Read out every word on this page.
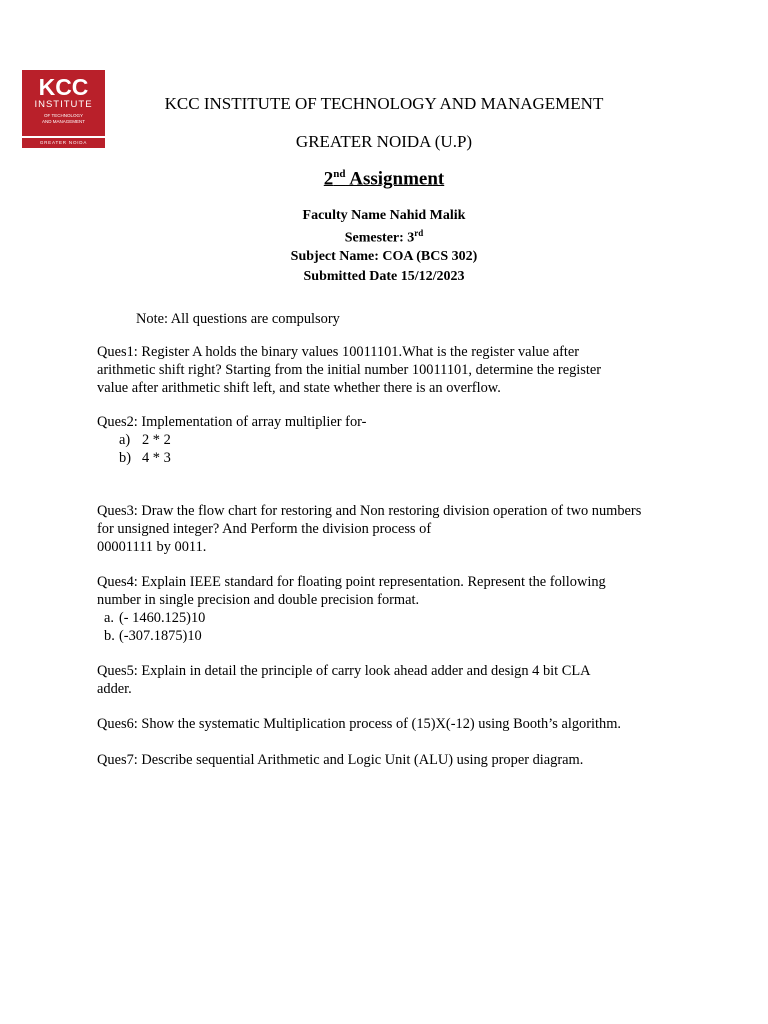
KCC
INSTITUTE
OF TECHNOLOGY
AND MANAGEMENT
GREATER NOIDA
KCC INSTITUTE OF TECHNOLOGY AND MANAGEMENT
GREATER NOIDA (U.P)
2nd Assignment
Faculty Name Nahid Malik
Semester: 3rd
Subject Name: COA (BCS 302)
Submitted Date 15/12/2023
Note: All questions are compulsory
Ques1: Register A holds the binary values 10011101.What is the register value after
arithmetic shift right? Starting from the initial number 10011101, determine the register
value after arithmetic shift left, and state whether there is an overflow.
Ques2: Implementation of array multiplier for-
a) 2 * 2
b) 4 * 3
Ques3: Draw the flow chart for restoring and Non restoring division operation of two numbers
for unsigned integer? And Perform the division process of
00001111 by 0011.
Ques4: Explain IEEE standard for floating point representation. Represent the following
number in single precision and double precision format.
a. (- 1460.125)10
b. (-307.1875)10
Ques5: Explain in detail the principle of carry look ahead adder and design 4 bit CLA
adder.
Ques6: Show the systematic Multiplication process of (15)X(-12) using Booth’s algorithm.
Ques7: Describe sequential Arithmetic and Logic Unit (ALU) using proper diagram.
